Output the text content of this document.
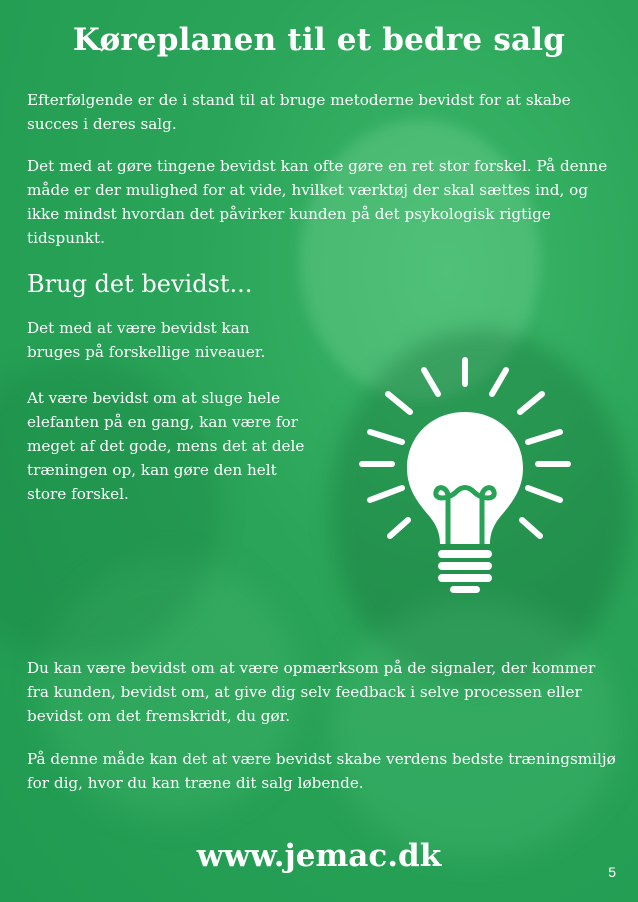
Køreplanen til et bedre salg
Efterfølgende er de i stand til at bruge metoderne bevidst for at skabe succes i deres salg.
Det med at gøre tingene bevidst kan ofte gøre en ret stor forskel. På denne måde er der mulighed for at vide, hvilket værktøj der skal sættes ind, og ikke mindst hvordan det påvirker kunden på det psykologisk rigtige tidspunkt.
Brug det bevidst...
Det med at være bevidst kan bruges på forskellige niveauer.
At være bevidst om at sluge hele elefanten på en gang, kan være for meget af det gode, mens det at dele træningen op, kan gøre den helt store forskel.
Du kan være bevidst om at være opmærksom på de signaler, der kommer fra kunden, bevidst om, at give dig selv feedback i selve processen eller bevidst om det fremskridt, du gør.
På denne måde kan det at være bevidst skabe verdens bedste træningsmiljø for dig, hvor du kan træne dit salg løbende.
www.jemac.dk	5
